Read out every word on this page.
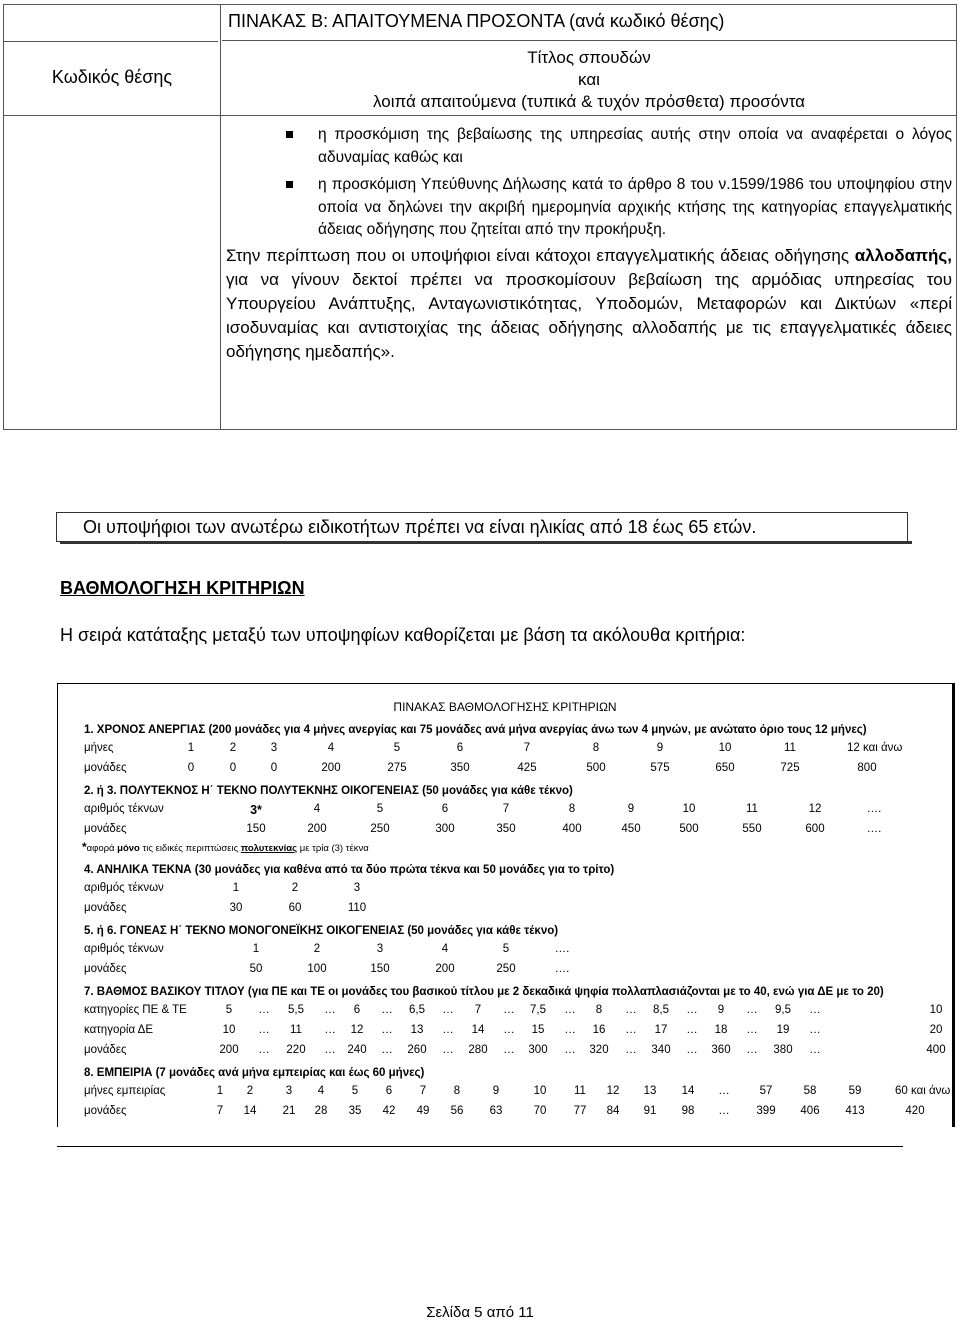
ΠΙΝΑΚΑΣ Β: ΑΠΑΙΤΟΥΜΕΝΑ ΠΡΟΣΟΝΤΑ (ανά κωδικό θέσης)
Κωδικός θέσης
Τίτλος σπουδών
και
λοιπά απαιτούμενα (τυπικά & τυχόν πρόσθετα) προσόντα
η προσκόμιση της βεβαίωσης της υπηρεσίας αυτής στην οποία να αναφέρεται ο λόγος αδυναμίας καθώς και
η προσκόμιση Υπεύθυνης Δήλωσης κατά το άρθρο 8 του ν.1599/1986 του υποψηφίου στην οποία να δηλώνει την ακριβή ημερομηνία αρχικής κτήσης της κατηγορίας επαγγελματικής άδειας οδήγησης που ζητείται από την προκήρυξη.
Στην περίπτωση που οι υποψήφιοι είναι κάτοχοι επαγγελματικής άδειας οδήγησης αλλοδαπής, για να γίνουν δεκτοί πρέπει να προσκομίσουν βεβαίωση της αρμόδιας υπηρεσίας του Υπουργείου Ανάπτυξης, Ανταγωνιστικότητας, Υποδομών, Μεταφορών και Δικτύων «περί ισοδυναμίας και αντιστοιχίας της άδειας οδήγησης αλλοδαπής με τις επαγγελματικές άδειες οδήγησης ημεδαπής».
Οι υποψήφιοι των ανωτέρω ειδικοτήτων πρέπει να είναι ηλικίας από 18 έως 65 ετών.
ΒΑΘΜΟΛΟΓΗΣΗ ΚΡΙΤΗΡΙΩΝ
Η σειρά κατάταξης μεταξύ των υποψηφίων καθορίζεται με βάση τα ακόλουθα κριτήρια:
ΠΙΝΑΚΑΣ ΒΑΘΜΟΛΟΓΗΣΗΣ ΚΡΙΤΗΡΙΩΝ
1. ΧΡΟΝΟΣ ΑΝΕΡΓΙΑΣ (200 μονάδες για 4 μήνες ανεργίας και 75 μονάδες ανά μήνα ανεργίας άνω των 4 μηνών, με ανώτατο όριο τους 12 μήνες)
μήνες	1	2	3	4	5	6	7	8	9	10	11	12 και άνω
μονάδες	0	0	0	200	275	350	425	500	575	650	725	800
2. ή 3. ΠΟΛΥΤΕΚΝΟΣ Η΄ ΤΕΚΝΟ ΠΟΛΥΤΕΚΝΗΣ ΟΙΚΟΓΕΝΕΙΑΣ (50 μονάδες για κάθε τέκνο)
αριθμός τέκνων	3*	4	5	6	7	8	9	10	11	12	….
μονάδες	150	200	250	300	350	400	450	500	550	600	….
*αφορά μόνο τις ειδικές περιπτώσεις πολυτεκνίας με τρία (3) τέκνα
4. ΑΝΗΛΙΚΑ ΤΕΚΝΑ (30 μονάδες για καθένα από τα δύο πρώτα τέκνα και 50 μονάδες για το τρίτο)
αριθμός τέκνων	1	2	3
μονάδες	30	60	110
5. ή 6. ΓΟΝΕΑΣ Η΄ ΤΕΚΝΟ ΜΟΝΟΓΟΝΕΪΚΗΣ ΟΙΚΟΓΕΝΕΙΑΣ (50 μονάδες για κάθε τέκνο)
αριθμός τέκνων	1	2	3	4	5	….
μονάδες	50	100	150	200	250	….
7. ΒΑΘΜΟΣ ΒΑΣΙΚΟΥ ΤΙΤΛΟΥ (για ΠΕ και ΤΕ οι μονάδες του βασικού τίτλου με 2 δεκαδικά ψηφία πολλαπλασιάζονται με το 40, ενώ για ΔΕ με το 20)
κατηγορίες ΠΕ & ΤΕ	5	…	5,5	…	6	…	6,5	…	7	…	7,5	…	8	…	8,5	…	9	…	9,5	…	10
κατηγορία ΔΕ	10	…	11	…	12	…	13	…	14	…	15	…	16	…	17	…	18	…	19	…	20
μονάδες	200	…	220	…	240	…	260	…	280	…	300	…	320	…	340	…	360	…	380	…	400
8. ΕΜΠΕΙΡΙΑ (7 μονάδες ανά μήνα εμπειρίας και έως 60 μήνες)
μήνες εμπειρίας	1	2	3	4	5	6	7	8	9	10	11	12	13	14	…	57	58	59	60 και άνω
μονάδες	7	14	21	28	35	42	49	56	63	70	77	84	91	98	…	399	406	413	420
Σελίδα 5 από 11
